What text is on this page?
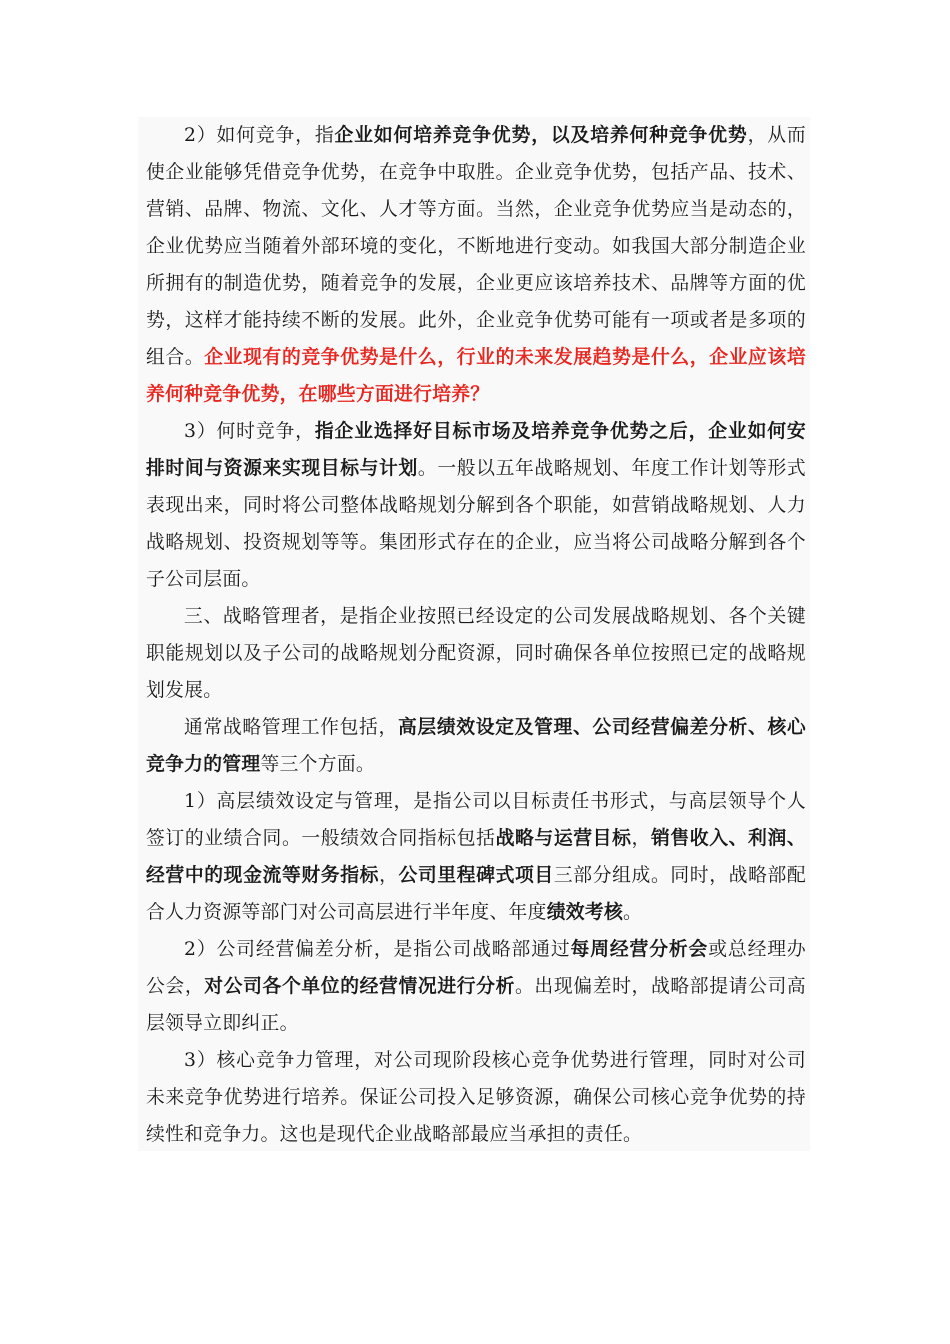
2）如何竞争，指企业如何培养竞争优势，以及培养何种竞争优势，从而使企业能够凭借竞争优势，在竞争中取胜。企业竞争优势，包括产品、技术、营销、品牌、物流、文化、人才等方面。当然，企业竞争优势应当是动态的，企业优势应当随着外部环境的变化，不断地进行变动。如我国大部分制造企业所拥有的制造优势，随着竞争的发展，企业更应该培养技术、品牌等方面的优势，这样才能持续不断的发展。此外，企业竞争优势可能有一项或者是多项的组合。企业现有的竞争优势是什么，行业的未来发展趋势是什么，企业应该培养何种竞争优势，在哪些方面进行培养？

3）何时竞争，指企业选择好目标市场及培养竞争优势之后，企业如何安排时间与资源来实现目标与计划。一般以五年战略规划、年度工作计划等形式表现出来，同时将公司整体战略规划分解到各个职能，如营销战略规划、人力战略规划、投资规划等等。集团形式存在的企业，应当将公司战略分解到各个子公司层面。

三、战略管理者，是指企业按照已经设定的公司发展战略规划、各个关键职能规划以及子公司的战略规划分配资源，同时确保各单位按照已定的战略规划发展。

通常战略管理工作包括，高层绩效设定及管理、公司经营偏差分析、核心竞争力的管理等三个方面。

1）高层绩效设定与管理，是指公司以目标责任书形式，与高层领导个人签订的业绩合同。一般绩效合同指标包括战略与运营目标，销售收入、利润、经营中的现金流等财务指标，公司里程碑式项目三部分组成。同时，战略部配合人力资源等部门对公司高层进行半年度、年度绩效考核。

2）公司经营偏差分析，是指公司战略部通过每周经营分析会或总经理办公会，对公司各个单位的经营情况进行分析。出现偏差时，战略部提请公司高层领导立即纠正。

3）核心竞争力管理，对公司现阶段核心竞争优势进行管理，同时对公司未来竞争优势进行培养。保证公司投入足够资源，确保公司核心竞争优势的持续性和竞争力。这也是现代企业战略部最应当承担的责任。
